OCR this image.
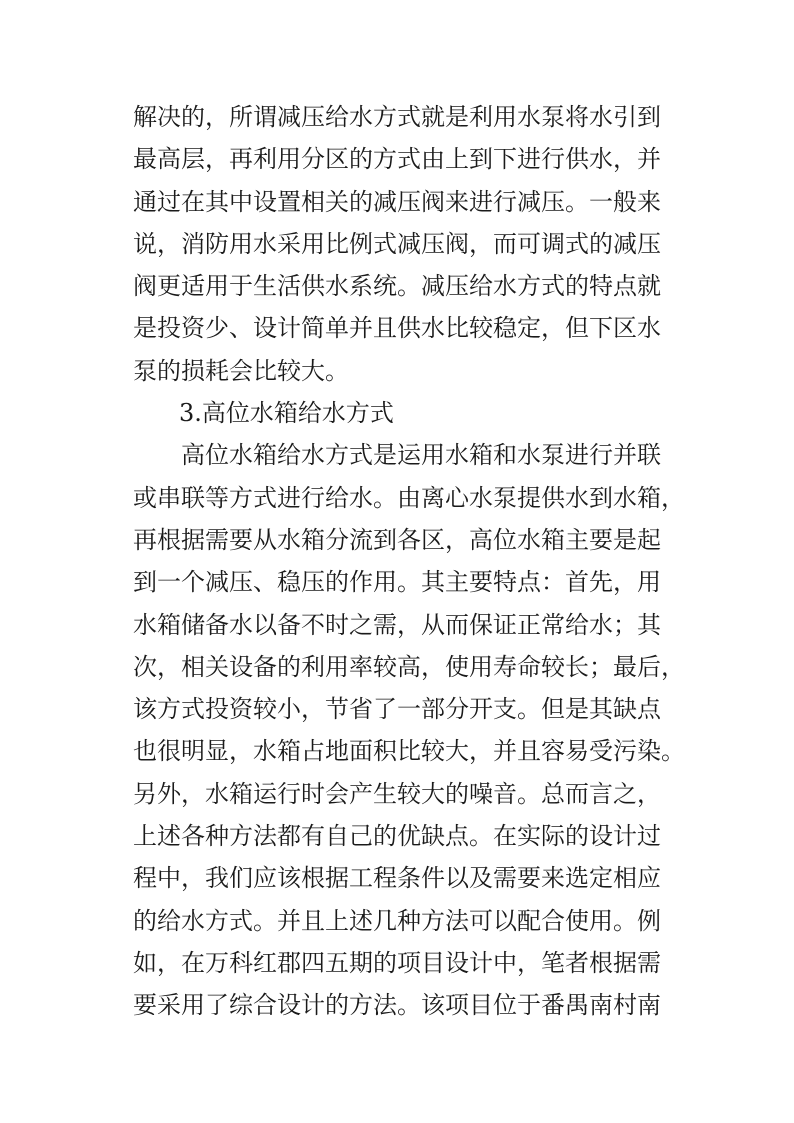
解决的，所谓减压给水方式就是利用水泵将水引到
最高层，再利用分区的方式由上到下进行供水，并
通过在其中设置相关的减压阀来进行减压。一般来
说，消防用水采用比例式减压阀，而可调式的减压
阀更适用于生活供水系统。减压给水方式的特点就
是投资少、设计简单并且供水比较稳定，但下区水
泵的损耗会比较大。
3.高位水箱给水方式
高位水箱给水方式是运用水箱和水泵进行并联
或串联等方式进行给水。由离心水泵提供水到水箱，
再根据需要从水箱分流到各区，高位水箱主要是起
到一个减压、稳压的作用。其主要特点：首先，用
水箱储备水以备不时之需，从而保证正常给水；其
次，相关设备的利用率较高，使用寿命较长；最后，
该方式投资较小，节省了一部分开支。但是其缺点
也很明显，水箱占地面积比较大，并且容易受污染。
另外，水箱运行时会产生较大的噪音。总而言之，
上述各种方法都有自己的优缺点。在实际的设计过
程中，我们应该根据工程条件以及需要来选定相应
的给水方式。并且上述几种方法可以配合使用。例
如，在万科红郡四五期的项目设计中，笔者根据需
要采用了综合设计的方法。该项目位于番禺南村南
